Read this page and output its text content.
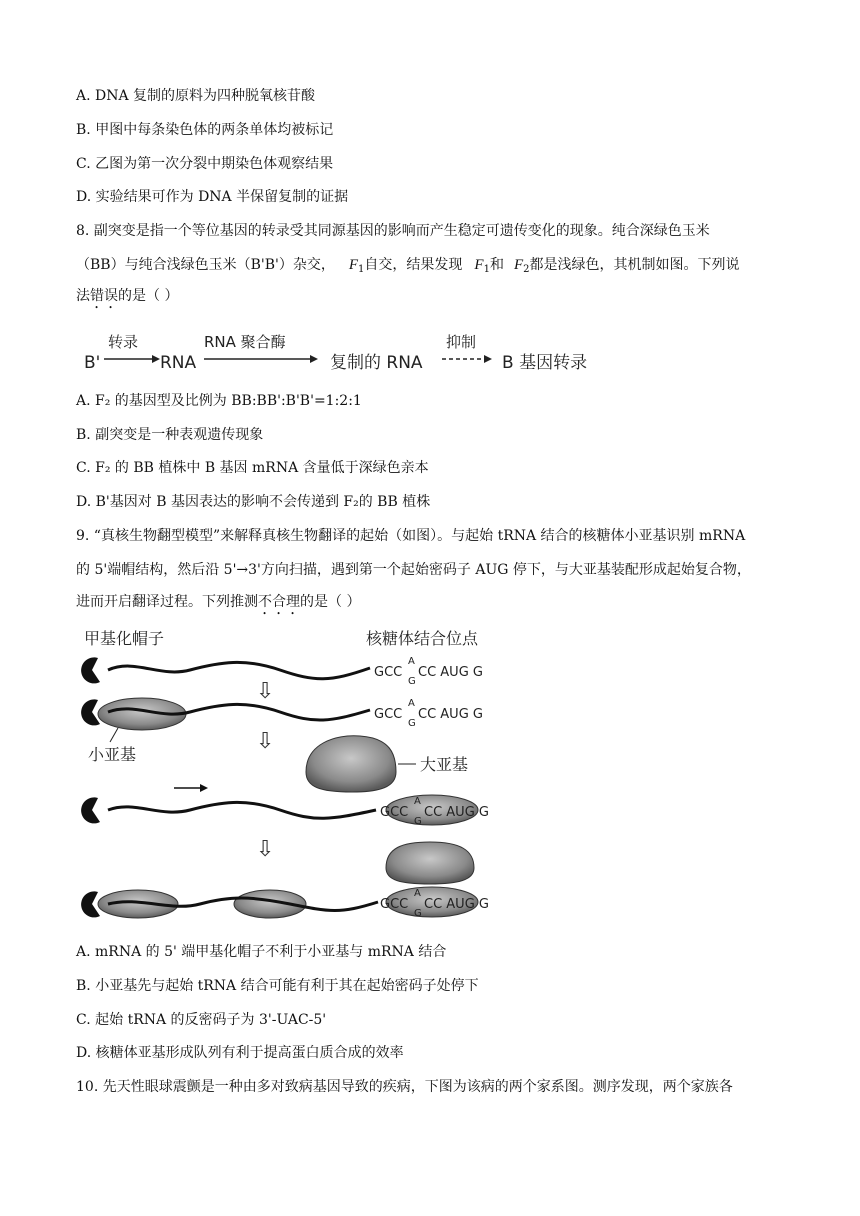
A. DNA 复制的原料为四种脱氧核苷酸
B. 甲图中每条染色体的两条单体均被标记
C. 乙图为第一次分裂中期染色体观察结果
D. 实验结果可作为 DNA 半保留复制的证据
8. 副突变是指一个等位基因的转录受其同源基因的影响而产生稳定可遗传变化的现象。纯合深绿色玉米
（BB）与纯合浅绿色玉米（B'B'）杂交， $F_1$自交，结果发现 $F_1$和 $F_2$都是浅绿色，其机制如图。下列说
法错误的是（ ）
B'
转录
RNA
RNA 聚合酶
复制的 RNA
抑制
B 基因转录
A. F₂ 的基因型及比例为 BB:BB':B'B'=1:2:1
B. 副突变是一种表观遗传现象
C. F₂ 的 BB 植株中 B 基因 mRNA 含量低于深绿色亲本
D. B'基因对 B 基因表达的影响不会传递到 F₂的 BB 植株
9. “真核生物翻型模型”来解释真核生物翻译的起始（如图）。与起始 tRNA 结合的核糖体小亚基识别 mRNA
的 5'端帽结构，然后沿 5'→3'方向扫描，遇到第一个起始密码子 AUG 停下，与大亚基装配形成起始复合物，
进而开启翻译过程。下列推测不合理的是（ ）
甲基化帽子	核糖体结合位点
GCC
A
G
CC AUG G
⇩
GCC
A
G
CC AUG G
小亚基
⇩
大亚基
GCC
A
G
CC AUG G
⇩
GCC
A
G
CC AUG G
A. mRNA 的 5' 端甲基化帽子不利于小亚基与 mRNA 结合
B. 小亚基先与起始 tRNA 结合可能有利于其在起始密码子处停下
C. 起始 tRNA 的反密码子为 3'-UAC-5'
D. 核糖体亚基形成队列有利于提高蛋白质合成的效率
10. 先天性眼球震颤是一种由多对致病基因导致的疾病，下图为该病的两个家系图。测序发现，两个家族各
